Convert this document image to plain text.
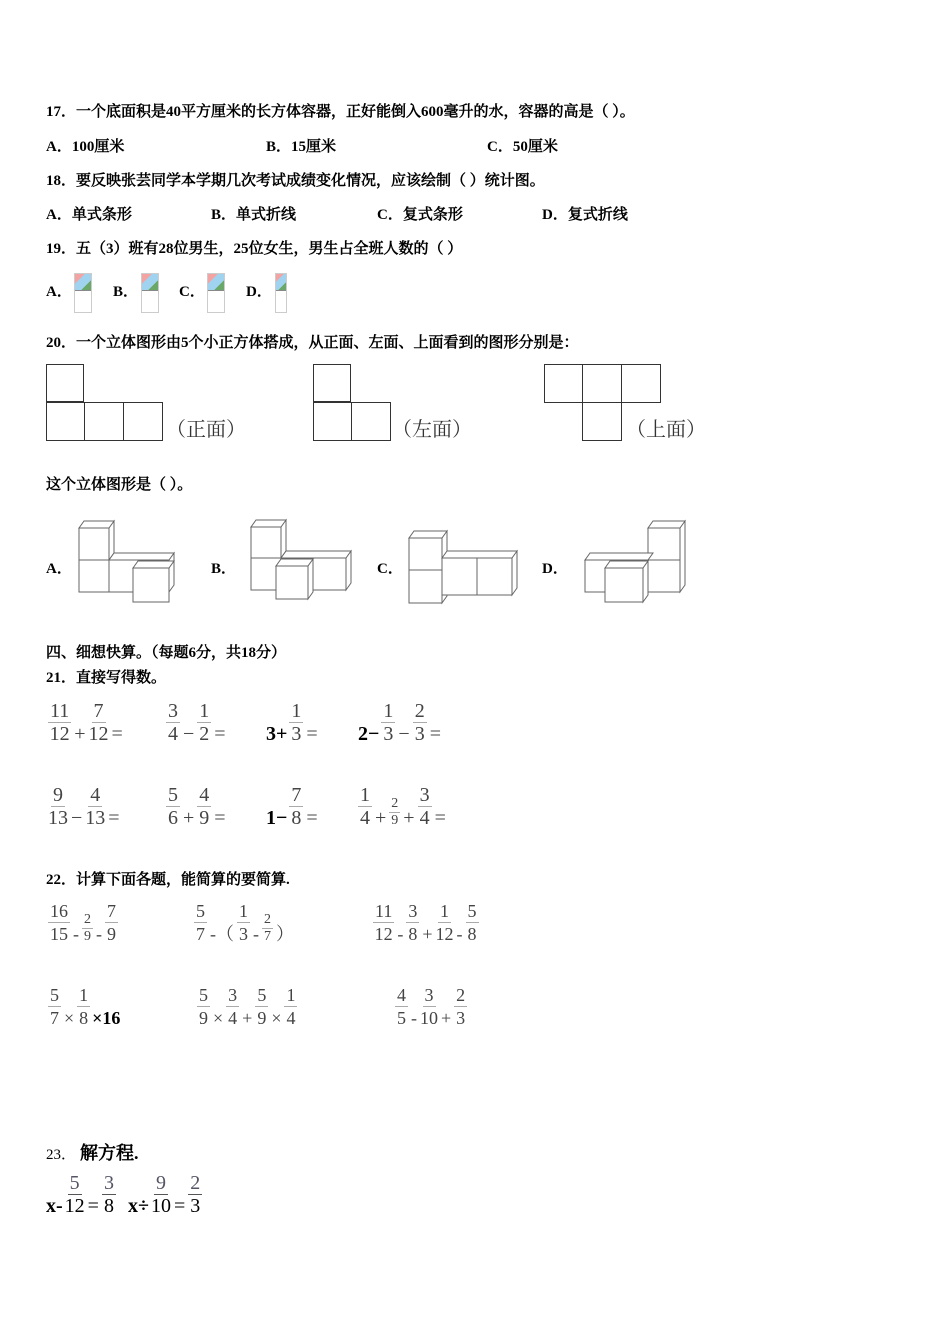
17．一个底面积是40平方厘米的长方体容器，正好能倒入600毫升的水，容器的高是（ ）。
A．100厘米	B．15厘米	C．50厘米
18．要反映张芸同学本学期几次考试成绩变化情况，应该绘制（ ）统计图。
A．单式条形	B．单式折线	C．复式条形	D．复式折线
19．五（3）班有28位男生，25位女生，男生占全班人数的（ ）
A．	B．	C．	D．
20．一个立体图形由5个小正方体搭成，从正面、左面、上面看到的图形分别是：
（正面）	（左面）	（上面）
这个立体图形是（ ）。
A．	B．	C．	D．
四、细想快算。（每题6分，共18分）
21．直接写得数。
$\frac{11}{12} + \frac{7}{12} = \frac{3}{4} - \frac{1}{2} = 3+ \frac{1}{3} = 2- \frac{1}{3} - \frac{2}{3}$ =
$\frac{9}{13} - \frac{4}{13} = \frac{5}{6} + \frac{4}{9} = 1- \frac{7}{8} = \frac{1}{4} + \frac{2}{9} + \frac{3}{4}$ =
22．计算下面各题，能简算的要简算.
$\frac{16}{15} - \frac{2}{9} - \frac{7}{9}$	$\frac{5}{7}$ -（ $\frac{1}{3} - \frac{2}{7}$ ）	$\frac{11}{12} - \frac{3}{8} + \frac{1}{12} - \frac{5}{8}$
$\frac{5}{7} \times \frac{1}{8} \times 16$	$\frac{5}{9} \times \frac{3}{4} + \frac{5}{9} \times \frac{1}{4}$	$\frac{4}{5} - \frac{3}{10} + \frac{2}{3}$
23． 解方程.
$x- \frac{5}{12} = \frac{3}{8} x\div \frac{9}{10} = \frac{2}{3}$
